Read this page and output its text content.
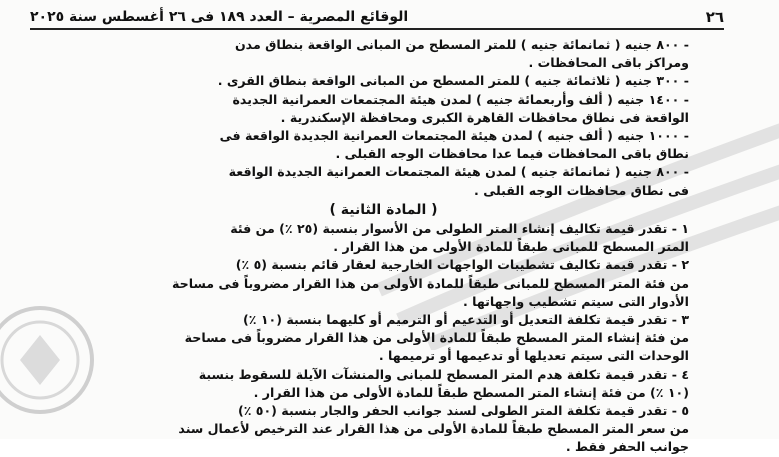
٢٦
الوقائع المصرية – العدد ١٨٩ فى ٢٦ أغسطس سنة ٢٠٢٥

- ٨٠٠ جنيه ( ثمانمائة جنيه ) للمتر المسطح من المبانى الواقعة بنطاق مدن

ومراكز باقى المحافظات .

- ٣٠٠ جنيه ( ثلاثمائة جنيه ) للمتر المسطح من المبانى الواقعة بنطاق القرى .

- ١٤٠٠ جنيه ( ألف وأربعمائة جنيه ) لمدن هيئة المجتمعات العمرانية الجديدة

الواقعة فى نطاق محافظات القاهرة الكبرى ومحافظة الإسكندرية .

- ١٠٠٠ جنيه ( ألف جنيه ) لمدن هيئة المجتمعات العمرانية الجديدة الواقعة فى

نطاق باقى المحافظات فيما عدا محافظات الوجه القبلى .

- ٨٠٠ جنيه ( ثمانمائة جنيه ) لمدن هيئة المجتمعات العمرانية الجديدة الواقعة

فى نطاق محافظات الوجه القبلى .

( المادة الثانية )

١ - تقدر قيمة تكاليف إنشاء المتر الطولى من الأسوار بنسبة (٢٥ ٪) من فئة

المتر المسطح للمبانى طبقاً للمادة الأولى من هذا القرار .

٢ - تقدر قيمة تكاليف تشطيبات الواجهات الخارجية لعقار قائم بنسبة (٥ ٪)

من فئة المتر المسطح للمبانى طبقاً للمادة الأولى من هذا القرار مضروباً فى مساحة

الأدوار التى سيتم تشطيب واجهاتها .

٣ - تقدر قيمة تكلفة التعديل أو التدعيم أو الترميم أو كليهما بنسبة (١٠ ٪)

من فئة إنشاء المتر المسطح طبقاً للمادة الأولى من هذا القرار مضروباً فى مساحة

الوحدات التى سيتم تعديلها أو تدعيمها أو ترميمها .

٤ - تقدر قيمة تكلفة هدم المتر المسطح للمبانى والمنشآت الآيلة للسقوط بنسبة

(١٠ ٪) من فئة إنشاء المتر المسطح طبقاً للمادة الأولى من هذا القرار .

٥ - تقدر قيمة تكلفة المتر الطولى لسند جوانب الحفر والجار بنسبة (٥٠ ٪)

من سعر المتر المسطح طبقاً للمادة الأولى من هذا القرار عند الترخيص لأعمال سند

جوانب الحفر فقط .
